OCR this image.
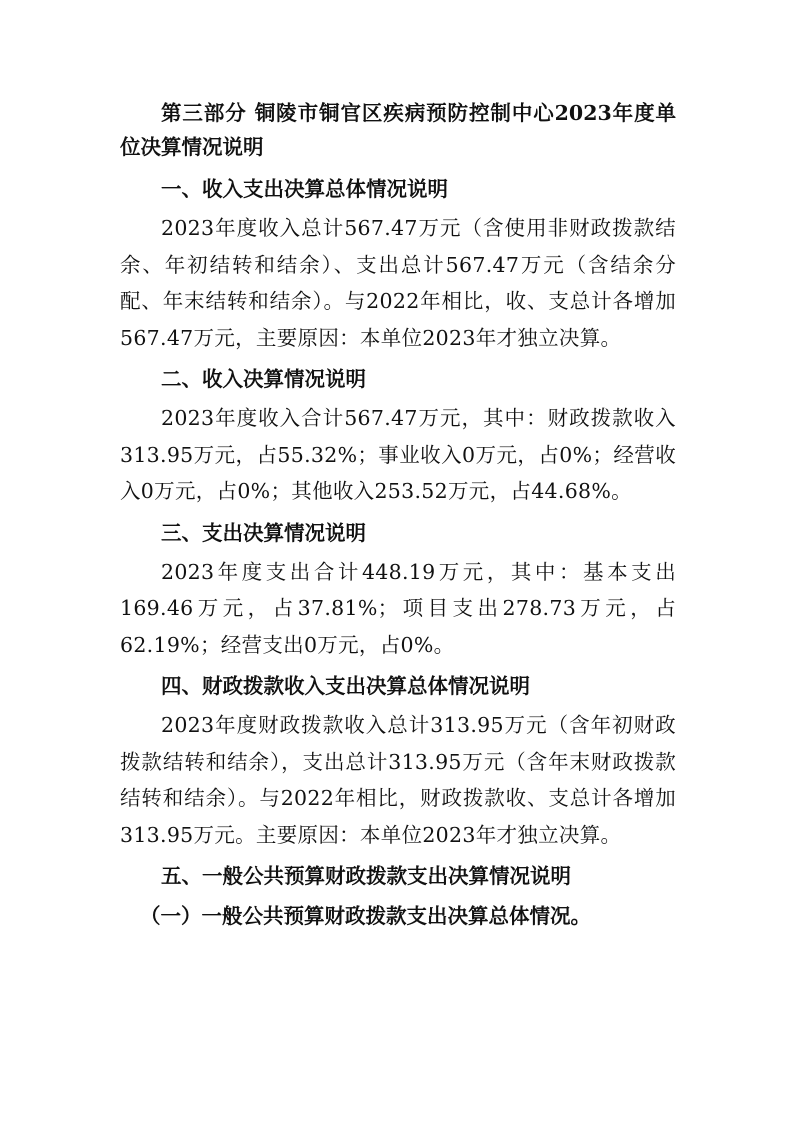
第三部分 铜陵市铜官区疾病预防控制中心2023年度单位决算情况说明
一、收入支出决算总体情况说明
2023年度收入总计567.47万元（含使用非财政拨款结余、年初结转和结余）、支出总计567.47万元（含结余分配、年末结转和结余）。与2022年相比，收、支总计各增加567.47万元，主要原因：本单位2023年才独立决算。
二、收入决算情况说明
2023年度收入合计567.47万元，其中：财政拨款收入313.95万元，占55.32%；事业收入0万元，占0%；经营收入0万元，占0%；其他收入253.52万元，占44.68%。
三、支出决算情况说明
2023年度支出合计448.19万元，其中：基本支出169.46万元，占37.81%；项目支出278.73万元，占62.19%；经营支出0万元，占0%。
四、财政拨款收入支出决算总体情况说明
2023年度财政拨款收入总计313.95万元（含年初财政拨款结转和结余），支出总计313.95万元（含年末财政拨款结转和结余）。与2022年相比，财政拨款收、支总计各增加313.95万元。主要原因：本单位2023年才独立决算。
五、一般公共预算财政拨款支出决算情况说明
（一）一般公共预算财政拨款支出决算总体情况。
